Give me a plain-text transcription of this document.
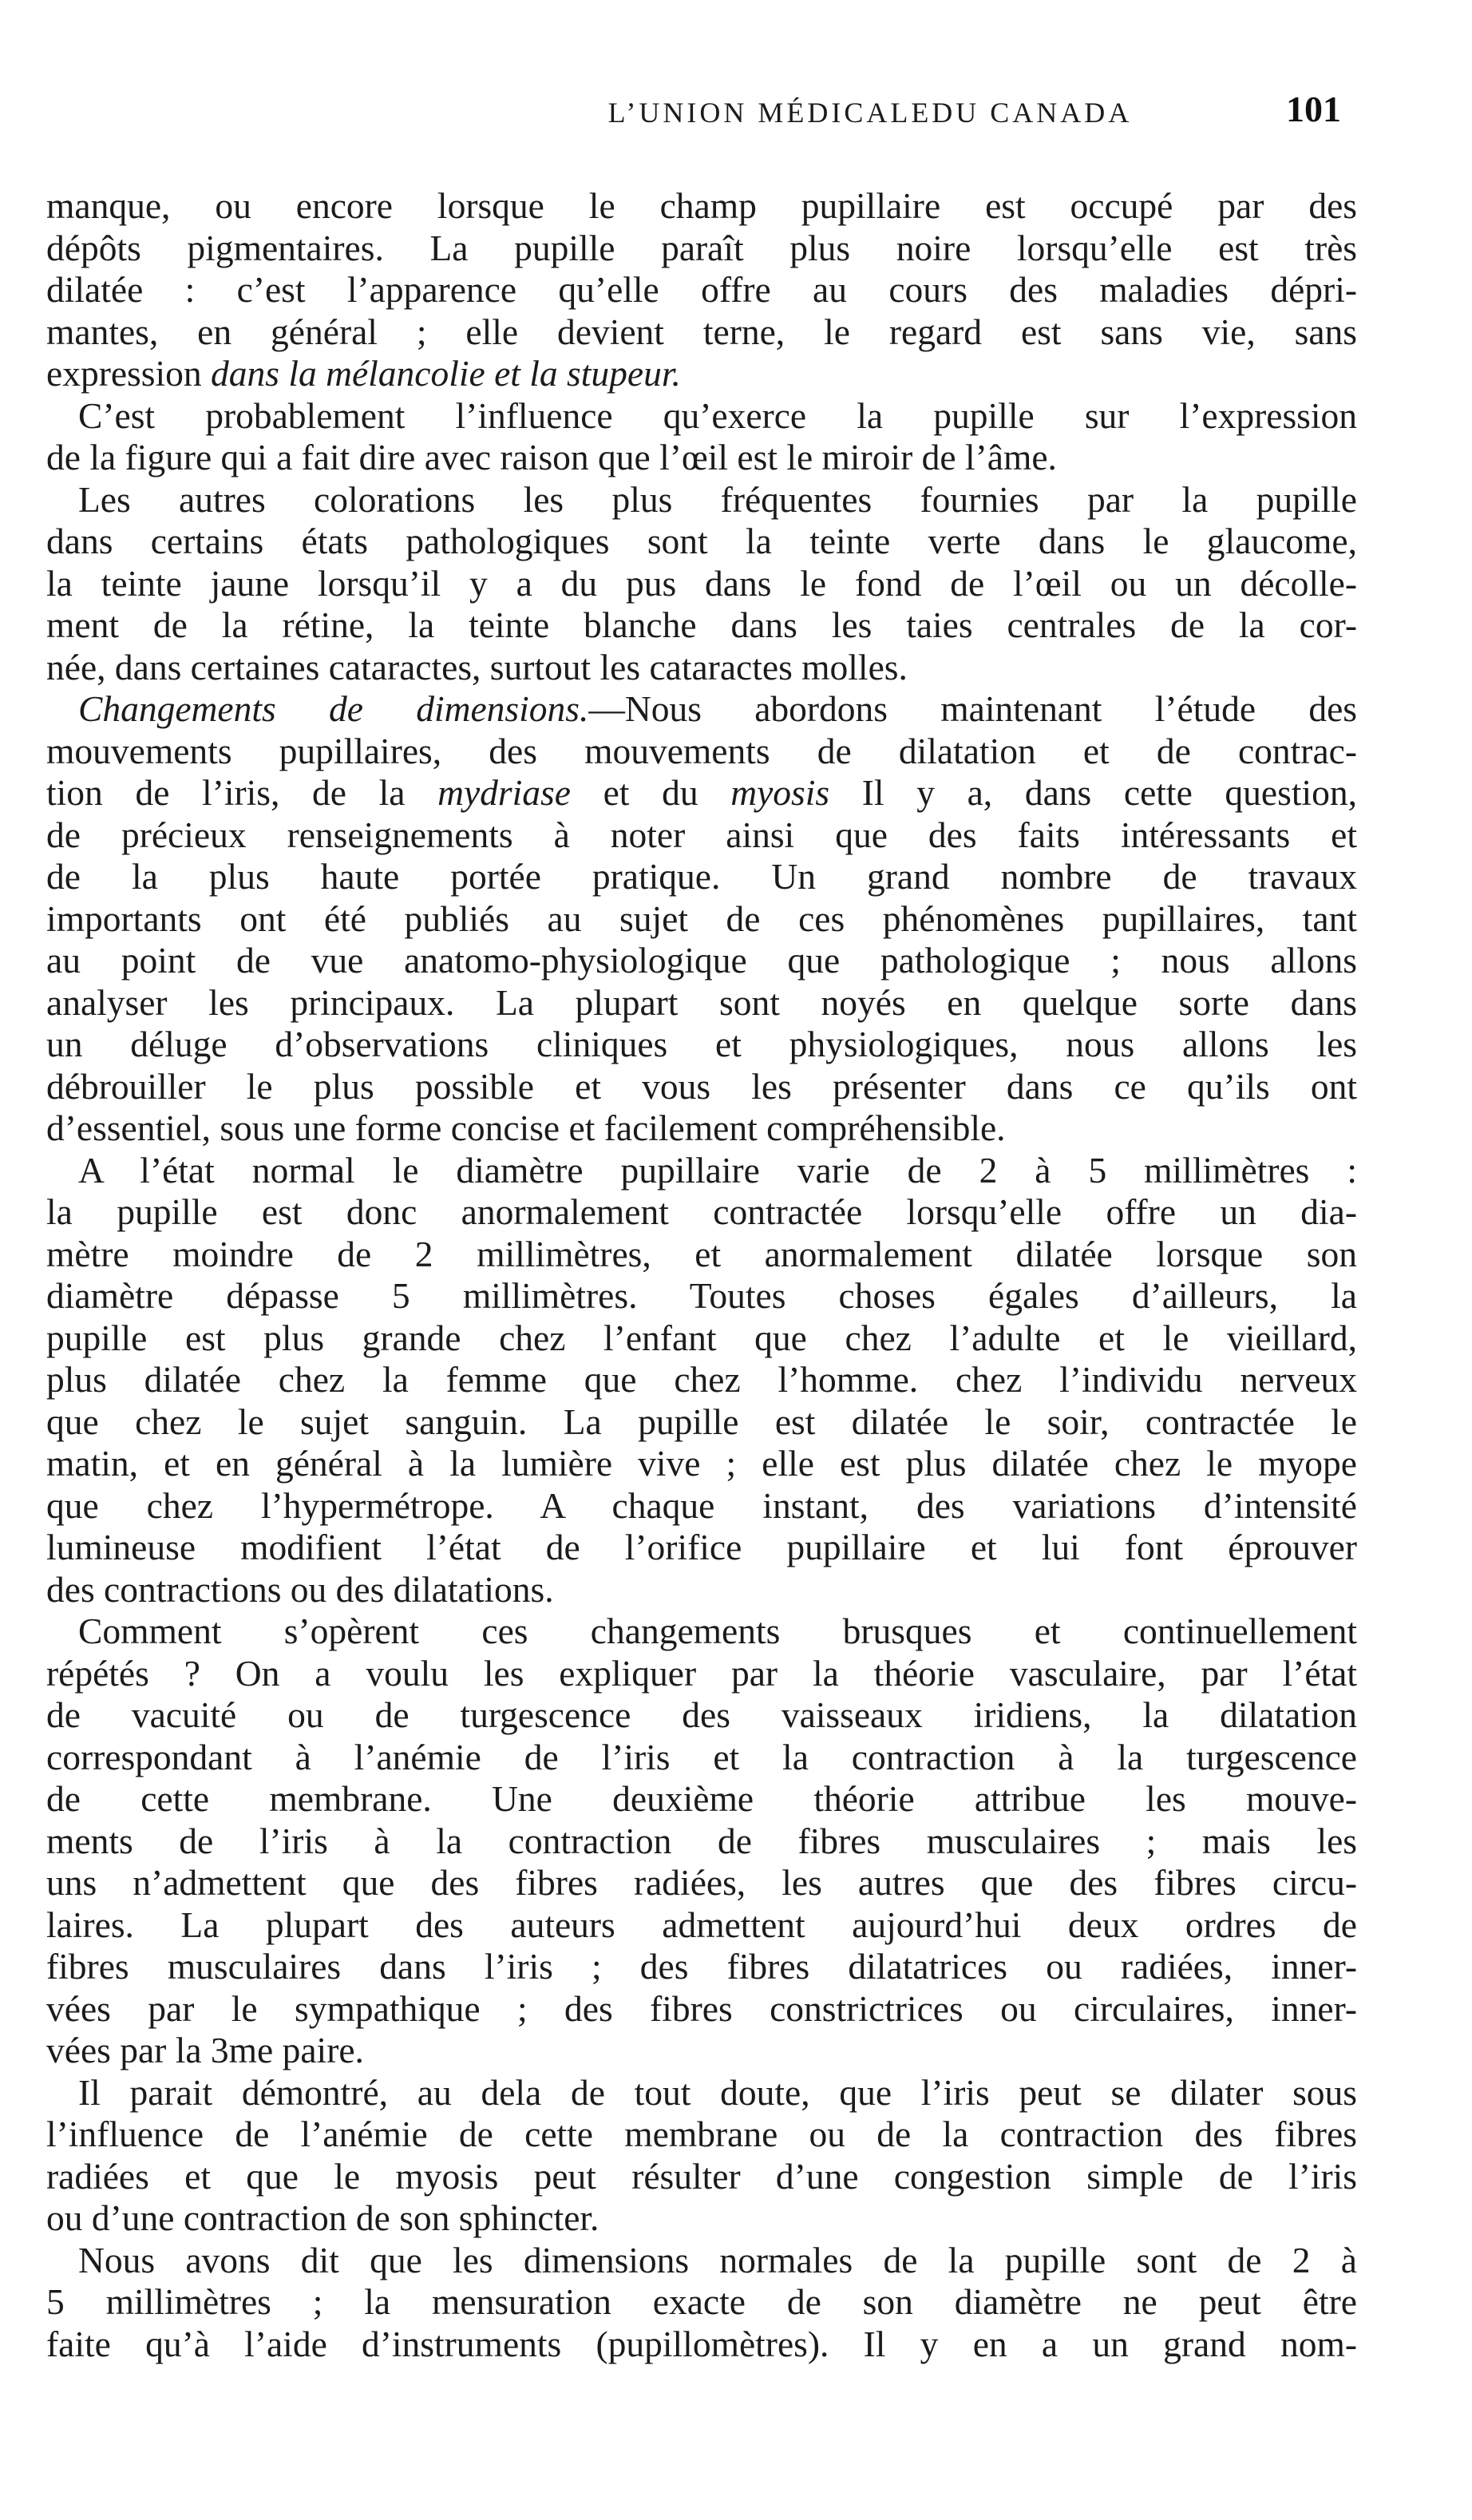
L’UNION MÉDICALEDU CANADA	101
manque, ou encore lorsque le champ pupillaire est occupé par des
dépôts pigmentaires. La pupille paraît plus noire lorsqu’elle est très
dilatée : c’est l’apparence qu’elle offre au cours des maladies dépri-
mantes, en général ; elle devient terne, le regard est sans vie, sans
expression dans la mélancolie et la stupeur.
C’est probablement l’influence qu’exerce la pupille sur l’expression
de la figure qui a fait dire avec raison que l’œil est le miroir de l’âme.
Les autres colorations les plus fréquentes fournies par la pupille
dans certains états pathologiques sont la teinte verte dans le glaucome,
la teinte jaune lorsqu’il y a du pus dans le fond de l’œil ou un décolle-
ment de la rétine, la teinte blanche dans les taies centrales de la cor-
née, dans certaines cataractes, surtout les cataractes molles.
Changements de dimensions.—Nous abordons maintenant l’étude des
mouvements pupillaires, des mouvements de dilatation et de contrac-
tion de l’iris, de la mydriase et du myosis Il y a, dans cette question,
de précieux renseignements à noter ainsi que des faits intéressants et
de la plus haute portée pratique. Un grand nombre de travaux
importants ont été publiés au sujet de ces phénomènes pupillaires, tant
au point de vue anatomo-physiologique que pathologique ; nous allons
analyser les principaux. La plupart sont noyés en quelque sorte dans
un déluge d’observations cliniques et physiologiques, nous allons les
débrouiller le plus possible et vous les présenter dans ce qu’ils ont
d’essentiel, sous une forme concise et facilement compréhensible.
A l’état normal le diamètre pupillaire varie de 2 à 5 millimètres :
la pupille est donc anormalement contractée lorsqu’elle offre un dia-
mètre moindre de 2 millimètres, et anormalement dilatée lorsque son
diamètre dépasse 5 millimètres. Toutes choses égales d’ailleurs, la
pupille est plus grande chez l’enfant que chez l’adulte et le vieillard,
plus dilatée chez la femme que chez l’homme. chez l’individu nerveux
que chez le sujet sanguin. La pupille est dilatée le soir, contractée le
matin, et en général à la lumière vive ; elle est plus dilatée chez le myope
que chez l’hypermétrope. A chaque instant, des variations d’intensité
lumineuse modifient l’état de l’orifice pupillaire et lui font éprouver
des contractions ou des dilatations.
Comment s’opèrent ces changements brusques et continuellement
répétés ? On a voulu les expliquer par la théorie vasculaire, par l’état
de vacuité ou de turgescence des vaisseaux iridiens, la dilatation
correspondant à l’anémie de l’iris et la contraction à la turgescence
de cette membrane. Une deuxième théorie attribue les mouve-
ments de l’iris à la contraction de fibres musculaires ; mais les
uns n’admettent que des fibres radiées, les autres que des fibres circu-
laires. La plupart des auteurs admettent aujourd’hui deux ordres de
fibres musculaires dans l’iris ; des fibres dilatatrices ou radiées, inner-
vées par le sympathique ; des fibres constrictrices ou circulaires, inner-
vées par la 3me paire.
Il parait démontré, au dela de tout doute, que l’iris peut se dilater sous
l’influence de l’anémie de cette membrane ou de la contraction des fibres
radiées et que le myosis peut résulter d’une congestion simple de l’iris
ou d’une contraction de son sphincter.
Nous avons dit que les dimensions normales de la pupille sont de 2 à
5 millimètres ; la mensuration exacte de son diamètre ne peut être
faite qu’à l’aide d’instruments (pupillomètres). Il y en a un grand nom-
